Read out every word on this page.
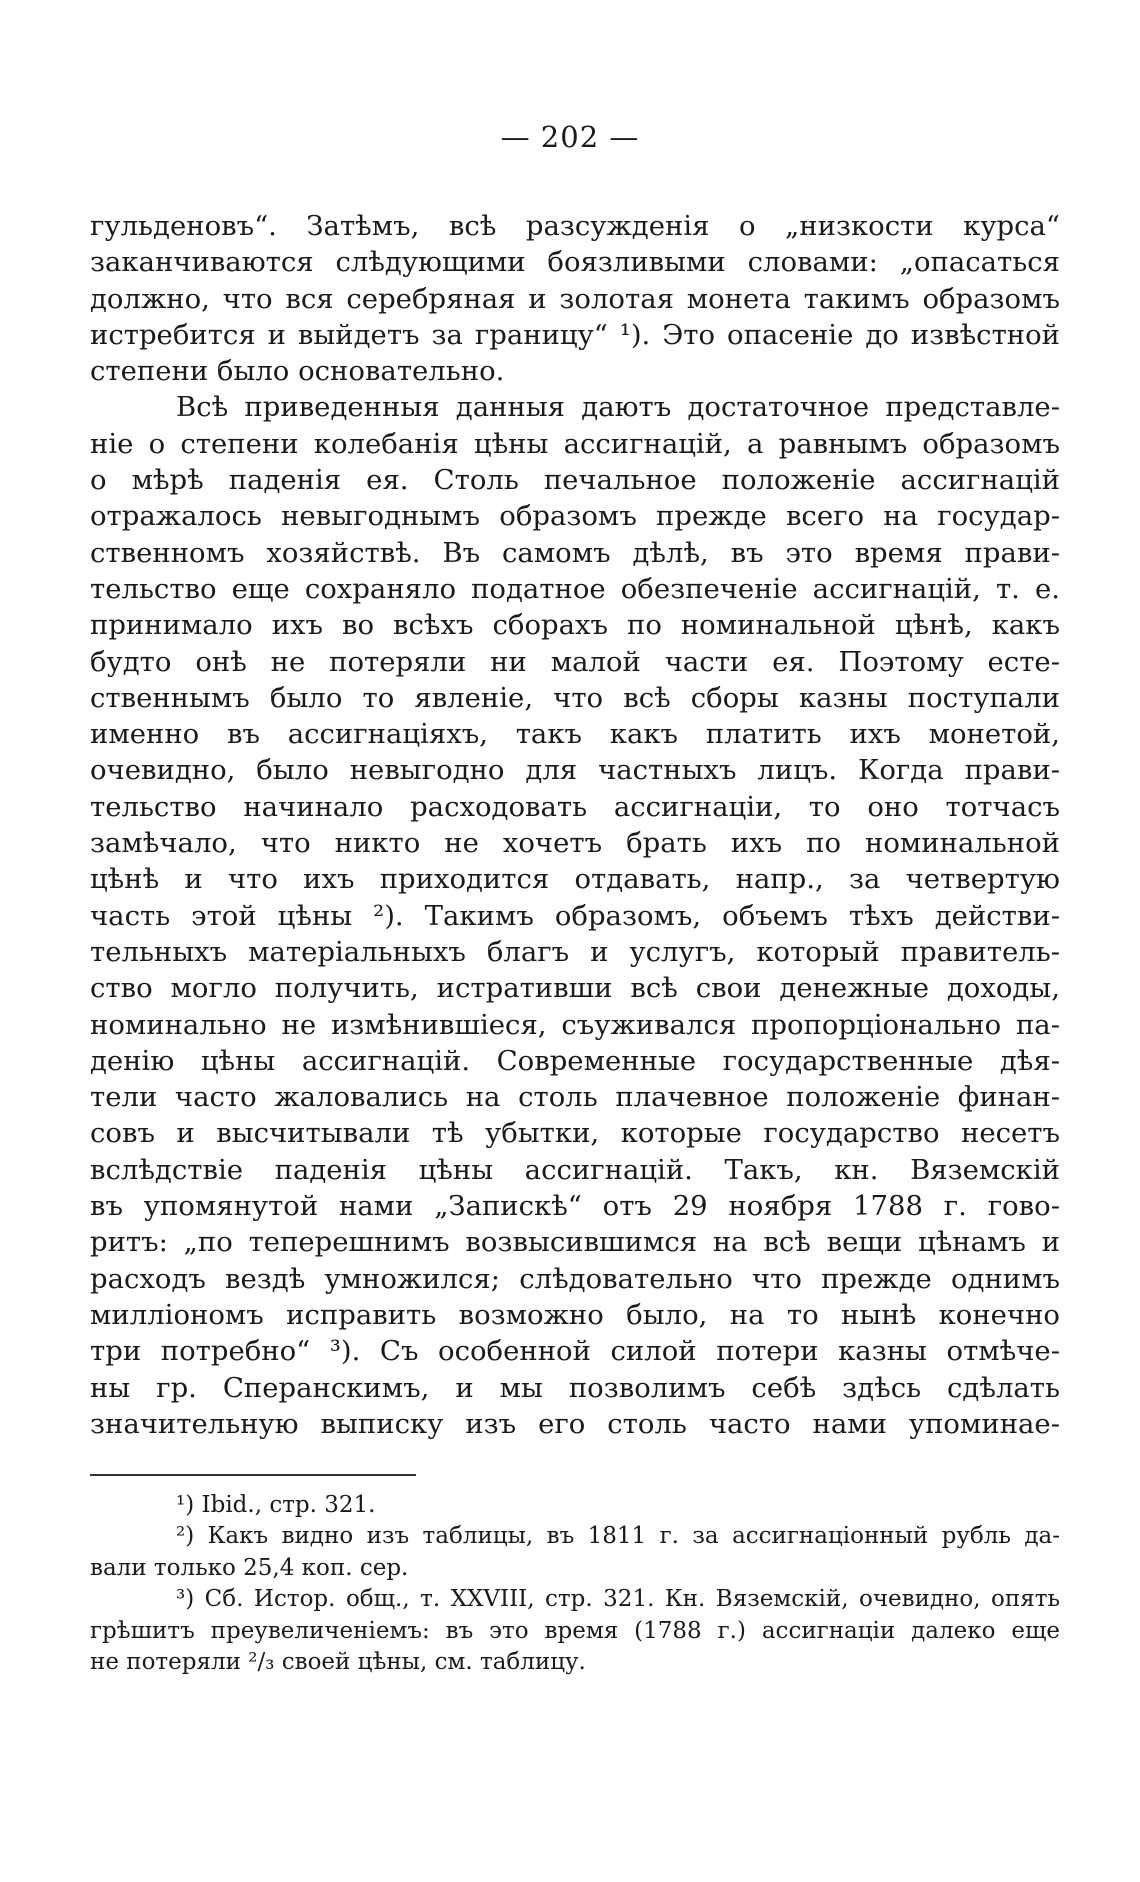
— 202 —
гульденовъ“. Затѣмъ, всѣ разсужденія о „низкости курса“
заканчиваются слѣдующими боязливыми словами: „опасаться
должно, что вся серебряная и золотая монета такимъ образомъ
истребится и выйдетъ за границу“ ¹). Это опасеніе до извѣстной
степени было основательно.
Всѣ приведенныя данныя даютъ достаточное представле-
ніе о степени колебанія цѣны ассигнацій, а равнымъ образомъ
о мѣрѣ паденія ея. Столь печальное положеніе ассигнацій
отражалось невыгоднымъ образомъ прежде всего на государ-
ственномъ хозяйствѣ. Въ самомъ дѣлѣ, въ это время прави-
тельство еще сохраняло податное обезпеченіе ассигнацій, т. е.
принимало ихъ во всѣхъ сборахъ по номинальной цѣнѣ, какъ
будто онѣ не потеряли ни малой части ея. Поэтому есте-
ственнымъ было то явленіе, что всѣ сборы казны поступали
именно въ ассигнаціяхъ, такъ какъ платить ихъ монетой,
очевидно, было невыгодно для частныхъ лицъ. Когда прави-
тельство начинало расходовать ассигнаціи, то оно тотчасъ
замѣчало, что никто не хочетъ брать ихъ по номинальной
цѣнѣ и что ихъ приходится отдавать, напр., за четвертую
часть этой цѣны ²). Такимъ образомъ, объемъ тѣхъ действи-
тельныхъ матеріальныхъ благъ и услугъ, который правитель-
ство могло получить, истративши всѣ свои денежные доходы,
номинально не измѣнившіеся, съуживался пропорціонально па-
денію цѣны ассигнацій. Современные государственные дѣя-
тели часто жаловались на столь плачевное положеніе финан-
совъ и высчитывали тѣ убытки, которые государство несетъ
вслѣдствіе паденія цѣны ассигнацій. Такъ, кн. Вяземскій
въ упомянутой нами „Запискѣ“ отъ 29 ноября 1788 г. гово-
ритъ: „по теперешнимъ возвысившимся на всѣ вещи цѣнамъ и
расходъ вездѣ умножился; слѣдовательно что прежде однимъ
милліономъ исправить возможно было, на то нынѣ конечно
три потребно“ ³). Съ особенной силой потери казны отмѣче-
ны гр. Сперанскимъ, и мы позволимъ себѣ здѣсь сдѣлать
значительную выписку изъ его столь часто нами упоминае-
¹) Ibid., стр. 321.
²) Какъ видно изъ таблицы, въ 1811 г. за ассигнаціонный рубль да-
вали только 25,4 коп. сер.
³) Сб. Истор. общ., т. XXVIII, стр. 321. Кн. Вяземскій, очевидно, опять
грѣшитъ преувеличеніемъ: въ это время (1788 г.) ассигнаціи далеко еще
не потеряли ²/₃ своей цѣны, см. таблицу.
